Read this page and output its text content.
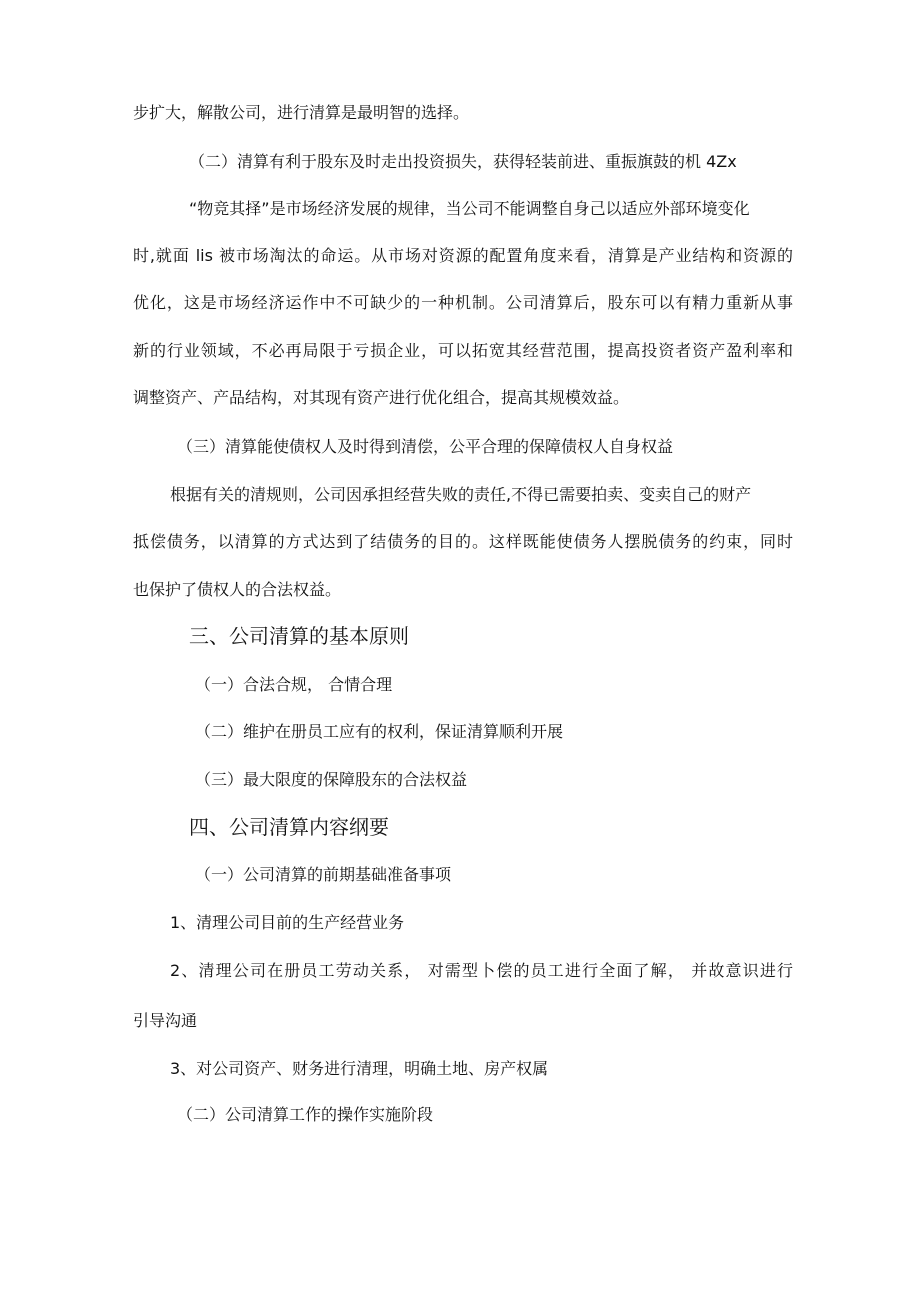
步扩大，解散公司，进行清算是最明智的选择。
（二）清算有利于股东及时走出投资损失，获得轻装前进、重振旗鼓的机 4Zx
“物竞其择”是市场经济发展的规律，当公司不能调整自身己以适应外部环境变化
时,就面 lis 被市场淘汰的命运。从市场对资源的配置角度来看，清算是产业结构和资源的
优化，这是市场经济运作中不可缺少的一种机制。公司清算后，股东可以有精力重新从事
新的行业领域，不必再局限于亏损企业，可以拓宽其经营范围，提高投资者资产盈利率和
调整资产、产品结构，对其现有资产进行优化组合，提高其规模效益。
（三）清算能使债权人及时得到清偿，公平合理的保障债权人自身权益
根据有关的清规则，公司因承担经营失败的责任,不得已需要拍卖、变卖自己的财产
抵偿债务，以清算的方式达到了结债务的目的。这样既能使债务人摆脱债务的约束，同时
也保护了债权人的合法权益。
三、公司清算的基本原则
（一）合法合规， 合情合理
（二）维护在册员工应有的权利，保证清算顺利开展
（三）最大限度的保障股东的合法权益
四、公司清算内容纲要
（一）公司清算的前期基础准备事项
1、清理公司目前的生产经营业务
2、清理公司在册员工劳动关系， 对需型卜偿的员工进行全面了解， 并故意识进行
引导沟通
3、对公司资产、财务进行清理，明确土地、房产权属
（二）公司清算工作的操作实施阶段
